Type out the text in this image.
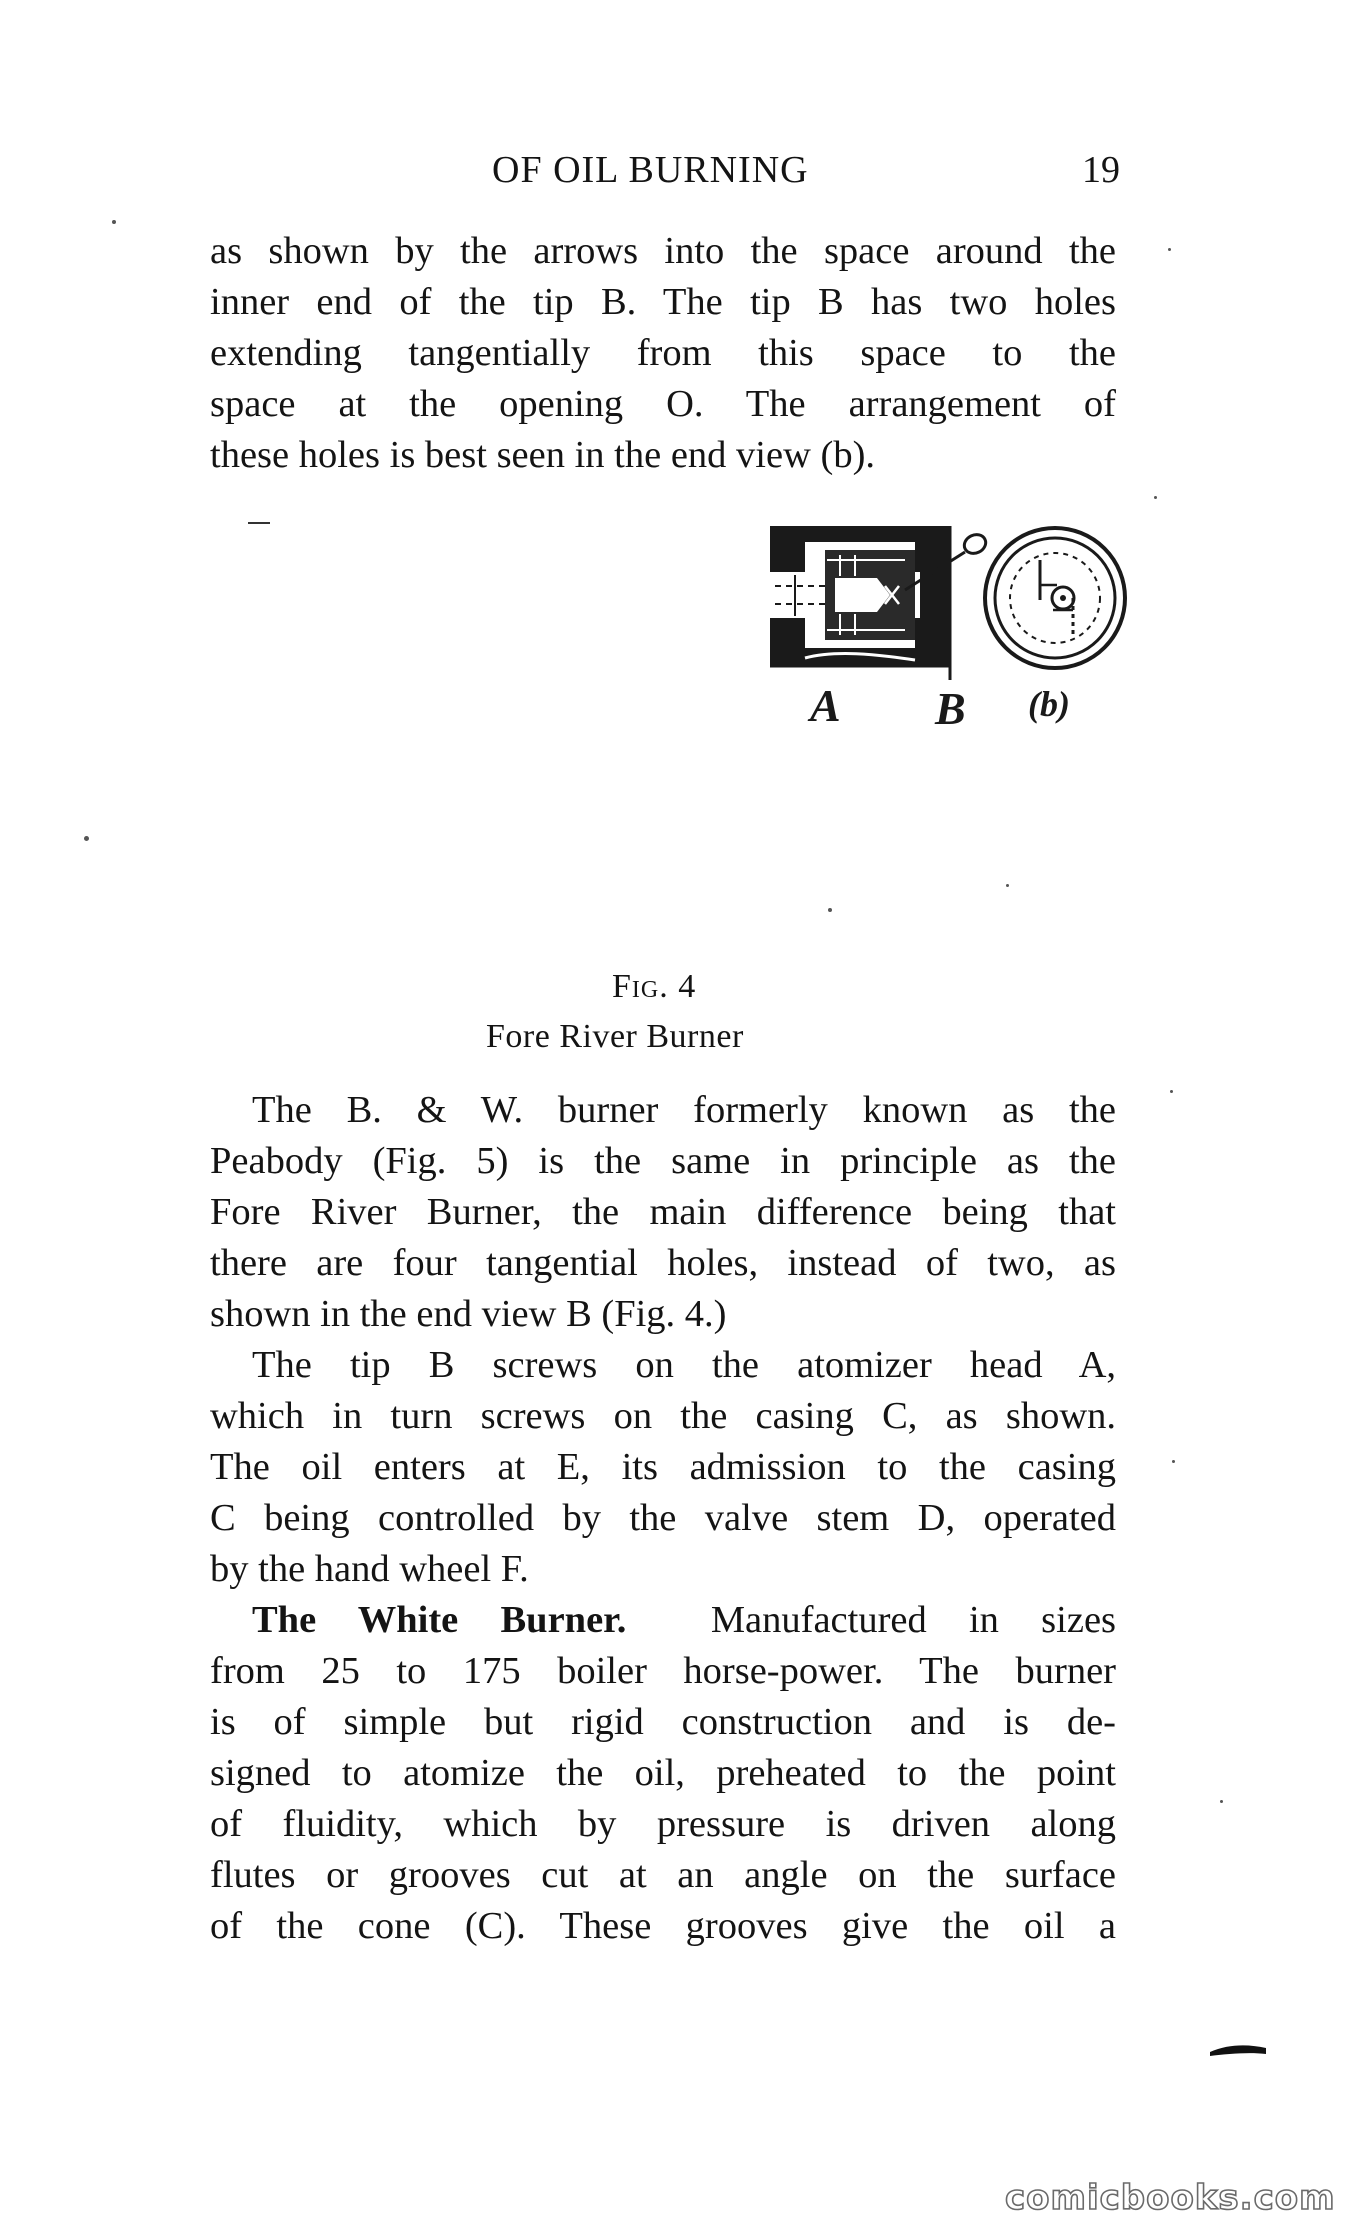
OF OIL BURNING	19
as shown by the arrows into the space around the
inner end of the tip B. The tip B has two holes
extending tangentially from this space to the
space at the opening O. The arrangement of
these holes is best seen in the end view (b).
A B (b)
Fig. 4
Fore River Burner
The B. & W. burner formerly known as the
Peabody (Fig. 5) is the same in principle as the
Fore River Burner, the main difference being that
there are four tangential holes, instead of two, as
shown in the end view B (Fig. 4.)
The tip B screws on the atomizer head A,
which in turn screws on the casing C, as shown.
The oil enters at E, its admission to the casing
C being controlled by the valve stem D, operated
by the hand wheel F.
The White Burner. Manufactured in sizes
from 25 to 175 boiler horse-power. The burner
is of simple but rigid construction and is de-
signed to atomize the oil, preheated to the point
of fluidity, which by pressure is driven along
flutes or grooves cut at an angle on the surface
of the cone (C). These grooves give the oil a
comicbooks.com
